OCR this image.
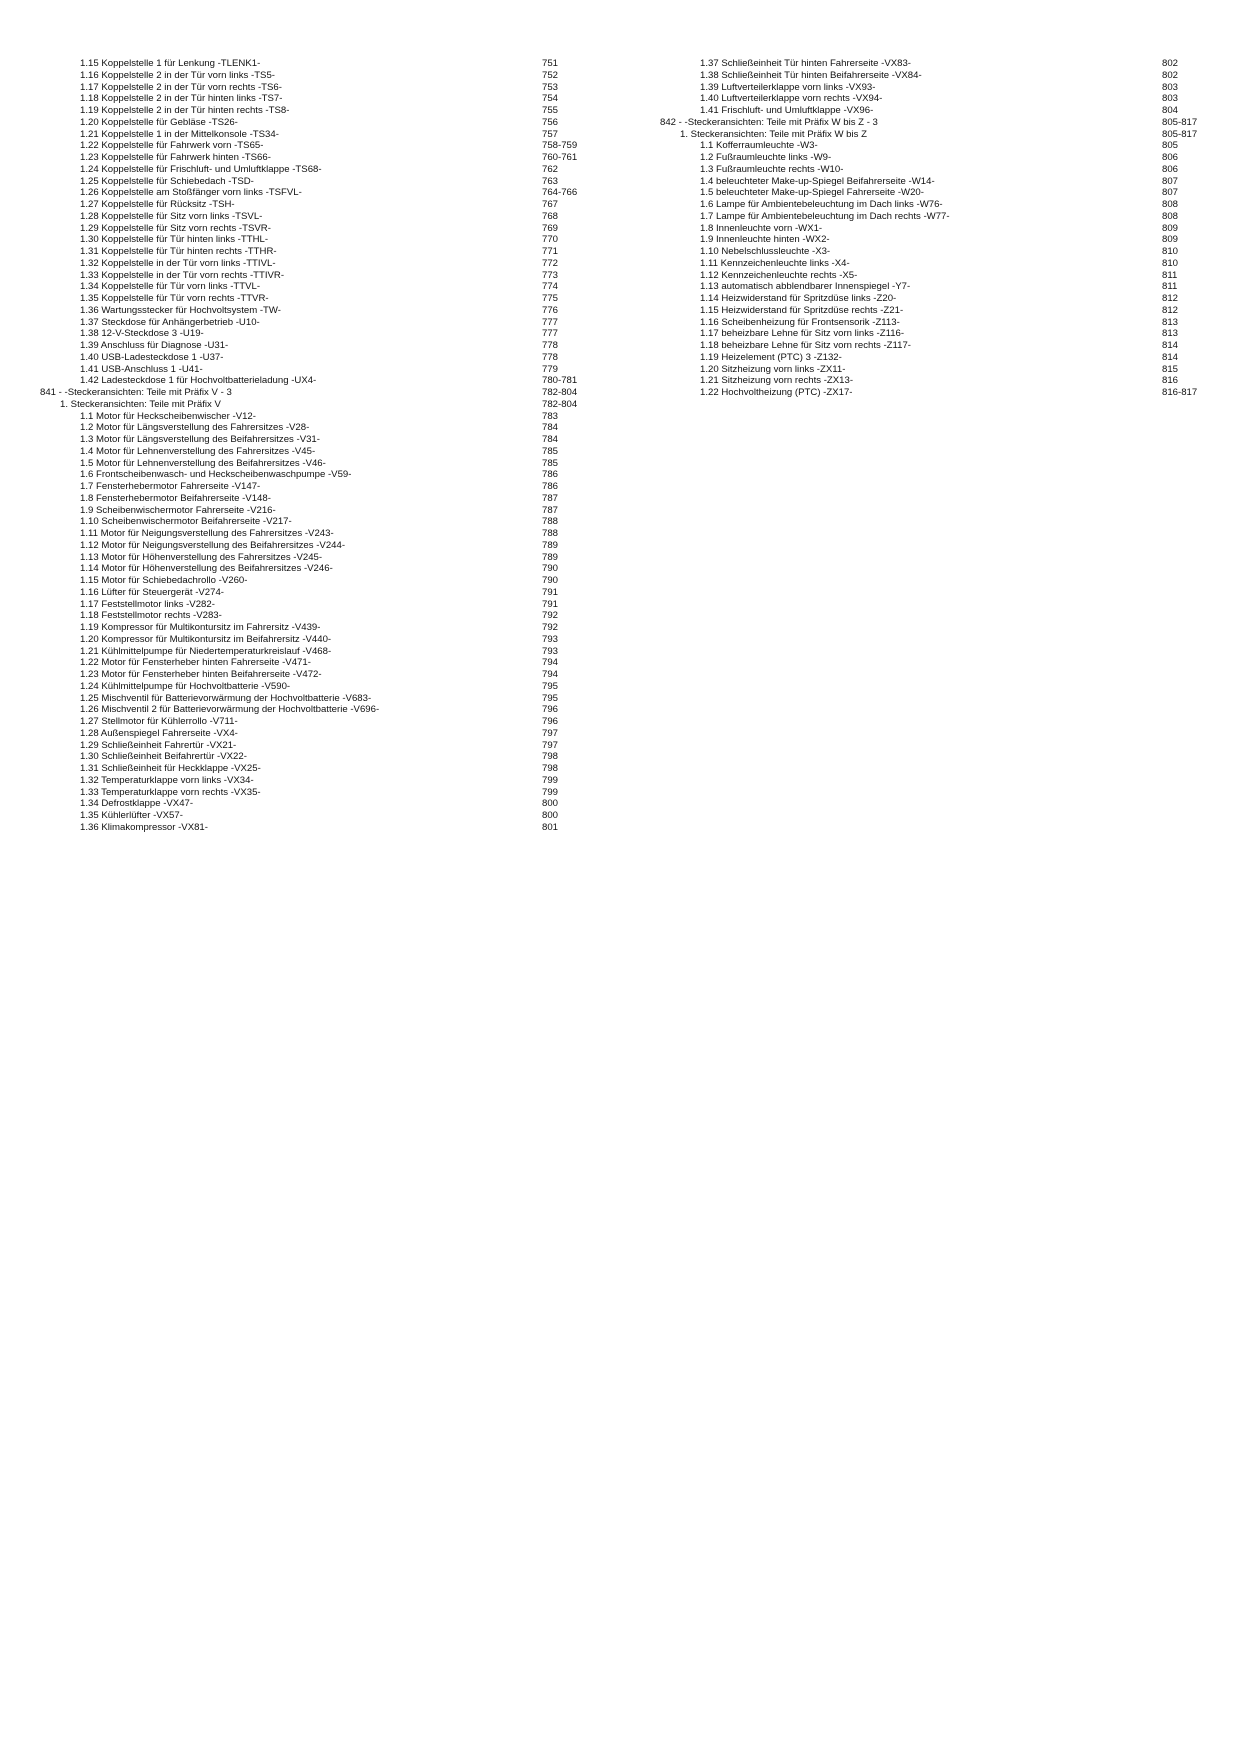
1.15 Koppelstelle 1 für Lenkung -TLENK1-	751
1.16 Koppelstelle 2 in der Tür vorn links -TS5-	752
1.17 Koppelstelle 2 in der Tür vorn rechts -TS6-	753
1.18 Koppelstelle 2 in der Tür hinten links -TS7-	754
1.19 Koppelstelle 2 in der Tür hinten rechts -TS8-	755
1.20 Koppelstelle für Gebläse -TS26-	756
1.21 Koppelstelle 1 in der Mittelkonsole -TS34-	757
1.22 Koppelstelle für Fahrwerk vorn -TS65-	758-759
1.23 Koppelstelle für Fahrwerk hinten -TS66-	760-761
1.24 Koppelstelle für Frischluft- und Umluftklappe -TS68-	762
1.25 Koppelstelle für Schiebedach -TSD-	763
1.26 Koppelstelle am Stoßfänger vorn links -TSFVL-	764-766
1.27 Koppelstelle für Rücksitz -TSH-	767
1.28 Koppelstelle für Sitz vorn links -TSVL-	768
1.29 Koppelstelle für Sitz vorn rechts -TSVR-	769
1.30 Koppelstelle für Tür hinten links -TTHL-	770
1.31 Koppelstelle für Tür hinten rechts -TTHR-	771
1.32 Koppelstelle in der Tür vorn links -TTIVL-	772
1.33 Koppelstelle in der Tür vorn rechts -TTIVR-	773
1.34 Koppelstelle für Tür vorn links -TTVL-	774
1.35 Koppelstelle für Tür vorn rechts -TTVR-	775
1.36 Wartungsstecker für Hochvoltsystem -TW-	776
1.37 Steckdose für Anhängerbetrieb -U10-	777
1.38 12-V-Steckdose 3 -U19-	777
1.39 Anschluss für Diagnose -U31-	778
1.40 USB-Ladesteckdose 1 -U37-	778
1.41 USB-Anschluss 1 -U41-	779
1.42 Ladesteckdose 1 für Hochvoltbatterieladung -UX4-	780-781
841 - -Steckeransichten: Teile mit Präfix V - 3	782-804
1. Steckeransichten: Teile mit Präfix V	782-804
1.1 Motor für Heckscheibenwischer -V12-	783
1.2 Motor für Längsverstellung des Fahrersitzes -V28-	784
1.3 Motor für Längsverstellung des Beifahrersitzes -V31-	784
1.4 Motor für Lehnenverstellung des Fahrersitzes -V45-	785
1.5 Motor für Lehnenverstellung des Beifahrersitzes -V46-	785
1.6 Frontscheibenwasch- und Heckscheibenwaschpumpe -V59-	786
1.7 Fensterhebermotor Fahrerseite -V147-	786
1.8 Fensterhebermotor Beifahrerseite -V148-	787
1.9 Scheibenwischermotor Fahrerseite -V216-	787
1.10 Scheibenwischermotor Beifahrerseite -V217-	788
1.11 Motor für Neigungsverstellung des Fahrersitzes -V243-	788
1.12 Motor für Neigungsverstellung des Beifahrersitzes -V244-	789
1.13 Motor für Höhenverstellung des Fahrersitzes -V245-	789
1.14 Motor für Höhenverstellung des Beifahrersitzes -V246-	790
1.15 Motor für Schiebedachrollo -V260-	790
1.16 Lüfter für Steuergerät -V274-	791
1.17 Feststellmotor links -V282-	791
1.18 Feststellmotor rechts -V283-	792
1.19 Kompressor für Multikontursitz im Fahrersitz -V439-	792
1.20 Kompressor für Multikontursitz im Beifahrersitz -V440-	793
1.21 Kühlmittelpumpe für Niedertemperaturkreislauf -V468-	793
1.22 Motor für Fensterheber hinten Fahrerseite -V471-	794
1.23 Motor für Fensterheber hinten Beifahrerseite -V472-	794
1.24 Kühlmittelpumpe für Hochvoltbatterie -V590-	795
1.25 Mischventil für Batterievorwärmung der Hochvoltbatterie -V683-	795
1.26 Mischventil 2 für Batterievorwärmung der Hochvoltbatterie -V696-	796
1.27 Stellmotor für Kühlerrollo -V711-	796
1.28 Außenspiegel Fahrerseite -VX4-	797
1.29 Schließeinheit Fahrertür -VX21-	797
1.30 Schließeinheit Beifahrertür -VX22-	798
1.31 Schließeinheit für Heckklappe -VX25-	798
1.32 Temperaturklappe vorn links -VX34-	799
1.33 Temperaturklappe vorn rechts -VX35-	799
1.34 Defrostklappe -VX47-	800
1.35 Kühlerlüfter -VX57-	800
1.36 Klimakompressor -VX81-	801
1.37 Schließeinheit Tür hinten Fahrerseite -VX83-	802
1.38 Schließeinheit Tür hinten Beifahrerseite -VX84-	802
1.39 Luftverteilerklappe vorn links -VX93-	803
1.40 Luftverteilerklappe vorn rechts -VX94-	803
1.41 Frischluft- und Umluftklappe -VX96-	804
842 - -Steckeransichten: Teile mit Präfix W bis Z - 3	805-817
1. Steckeransichten: Teile mit Präfix W bis Z	805-817
1.1 Kofferraumleuchte -W3-	805
1.2 Fußraumleuchte links -W9-	806
1.3 Fußraumleuchte rechts -W10-	806
1.4 beleuchteter Make-up-Spiegel Beifahrerseite -W14-	807
1.5 beleuchteter Make-up-Spiegel Fahrerseite -W20-	807
1.6 Lampe für Ambientebeleuchtung im Dach links -W76-	808
1.7 Lampe für Ambientebeleuchtung im Dach rechts -W77-	808
1.8 Innenleuchte vorn -WX1-	809
1.9 Innenleuchte hinten -WX2-	809
1.10 Nebelschlussleuchte -X3-	810
1.11 Kennzeichenleuchte links -X4-	810
1.12 Kennzeichenleuchte rechts -X5-	811
1.13 automatisch abblendbarer Innenspiegel -Y7-	811
1.14 Heizwiderstand für Spritzdüse links -Z20-	812
1.15 Heizwiderstand für Spritzdüse rechts -Z21-	812
1.16 Scheibenheizung für Frontsensorik -Z113-	813
1.17 beheizbare Lehne für Sitz vorn links -Z116-	813
1.18 beheizbare Lehne für Sitz vorn rechts -Z117-	814
1.19 Heizelement (PTC) 3 -Z132-	814
1.20 Sitzheizung vorn links -ZX11-	815
1.21 Sitzheizung vorn rechts -ZX13-	816
1.22 Hochvoltheizung (PTC) -ZX17-	816-817
